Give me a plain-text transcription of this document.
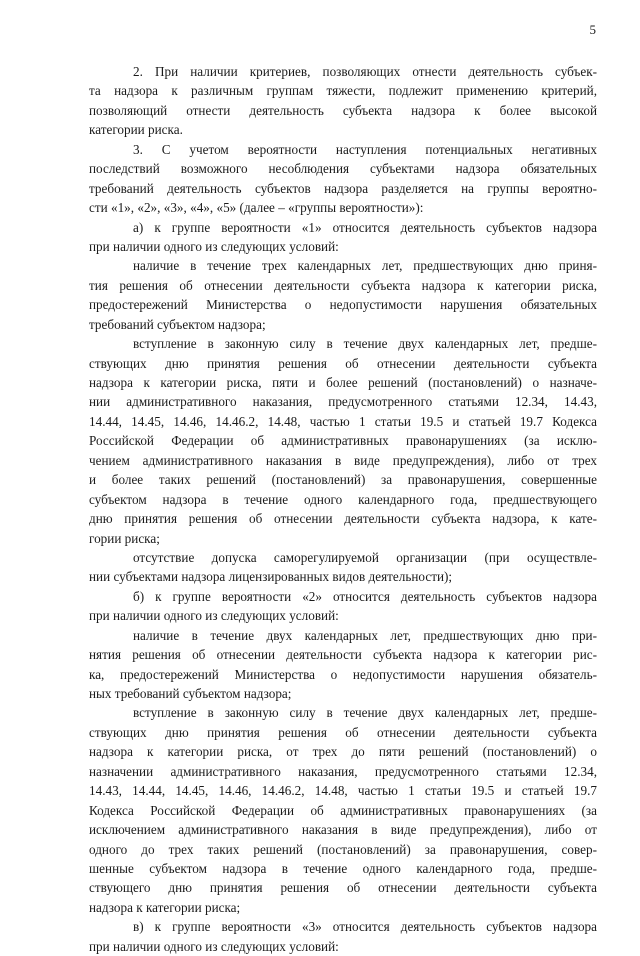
5
2. При наличии критериев, позволяющих отнести деятельность субъек-
та надзора к различным группам тяжести, подлежит применению критерий,
позволяющий отнести деятельность субъекта надзора к более высокой
категории риска.
3. С учетом вероятности наступления потенциальных негативных
последствий возможного несоблюдения субъектами надзора обязательных
требований деятельность субъектов надзора разделяется на группы вероятно-
сти «1», «2», «3», «4», «5» (далее – «группы вероятности»):
а) к группе вероятности «1» относится деятельность субъектов надзора
при наличии одного из следующих условий:
наличие в течение трех календарных лет, предшествующих дню приня-
тия решения об отнесении деятельности субъекта надзора к категории риска,
предостережений Министерства о недопустимости нарушения обязательных
требований субъектом надзора;
вступление в законную силу в течение двух календарных лет, предше-
ствующих дню принятия решения об отнесении деятельности субъекта
надзора к категории риска, пяти и более решений (постановлений) о назначе-
нии административного наказания, предусмотренного статьями 12.34, 14.43,
14.44, 14.45, 14.46, 14.46.2, 14.48, частью 1 статьи 19.5 и статьей 19.7 Кодекса
Российской Федерации об административных правонарушениях (за исклю-
чением административного наказания в виде предупреждения), либо от трех
и более таких решений (постановлений) за правонарушения, совершенные
субъектом надзора в течение одного календарного года, предшествующего
дню принятия решения об отнесении деятельности субъекта надзора, к кате-
гории риска;
отсутствие допуска саморегулируемой организации (при осуществле-
нии субъектами надзора лицензированных видов деятельности);
б) к группе вероятности «2» относится деятельность субъектов надзора
при наличии одного из следующих условий:
наличие в течение двух календарных лет, предшествующих дню при-
нятия решения об отнесении деятельности субъекта надзора к категории рис-
ка, предостережений Министерства о недопустимости нарушения обязатель-
ных требований субъектом надзора;
вступление в законную силу в течение двух календарных лет, предше-
ствующих дню принятия решения об отнесении деятельности субъекта
надзора к категории риска, от трех до пяти решений (постановлений) о
назначении административного наказания, предусмотренного статьями 12.34,
14.43, 14.44, 14.45, 14.46, 14.46.2, 14.48, частью 1 статьи 19.5 и статьей 19.7
Кодекса Российской Федерации об административных правонарушениях (за
исключением административного наказания в виде предупреждения), либо от
одного до трех таких решений (постановлений) за правонарушения, совер-
шенные субъектом надзора в течение одного календарного года, предше-
ствующего дню принятия решения об отнесении деятельности субъекта
надзора к категории риска;
в) к группе вероятности «3» относится деятельность субъектов надзора
при наличии одного из следующих условий:
